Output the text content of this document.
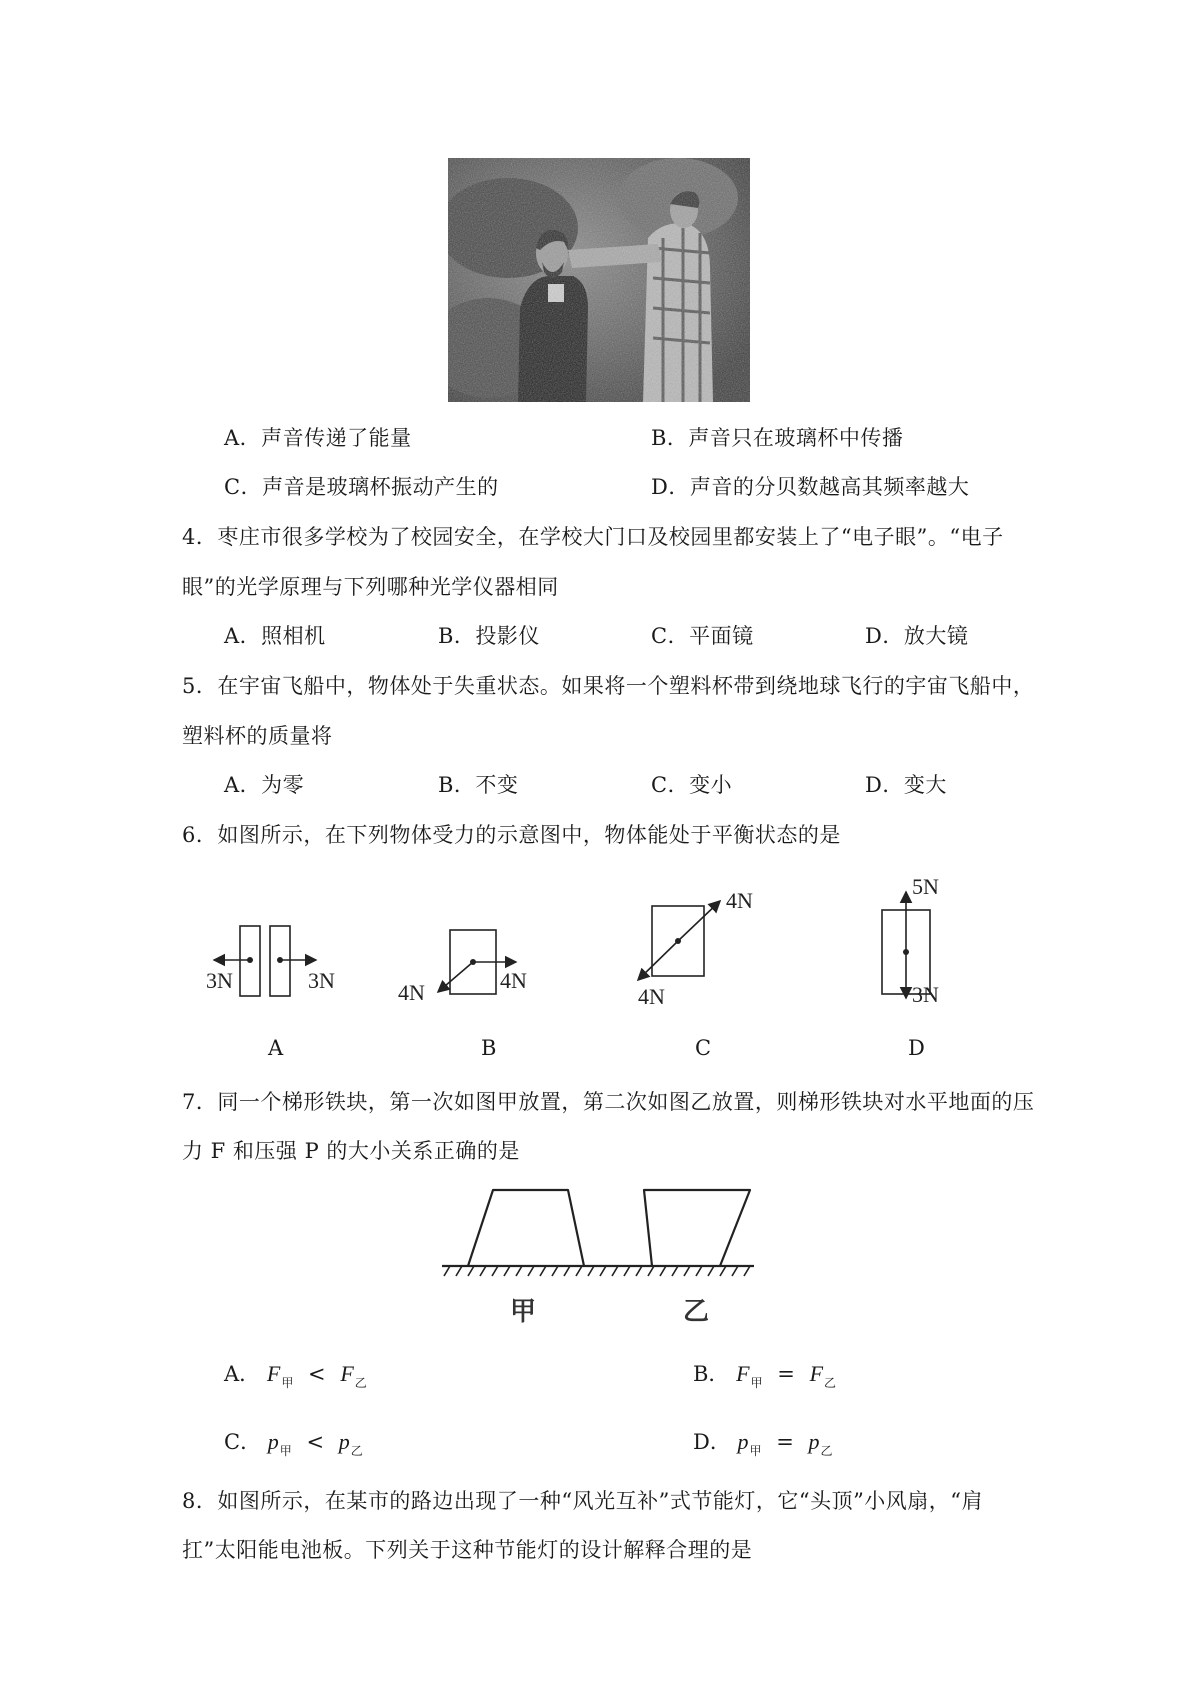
A．声音传递了能量	B．声音只在玻璃杯中传播
C．声音是玻璃杯振动产生的	D．声音的分贝数越高其频率越大
4．枣庄市很多学校为了校园安全，在学校大门口及校园里都安装上了“电子眼”。“电子
眼”的光学原理与下列哪种光学仪器相同
A．照相机	B．投影仪	C．平面镜	D．放大镜
5．在宇宙飞船中，物体处于失重状态。如果将一个塑料杯带到绕地球飞行的宇宙飞船中，
塑料杯的质量将
A．为零	B．不变	C．变小	D．变大
6．如图所示，在下列物体受力的示意图中，物体能处于平衡状态的是
3N	3N	4N	4N
4N
4N
5N
3N
A	B	C	D
7．同一个梯形铁块，第一次如图甲放置，第二次如图乙放置，则梯形铁块对水平地面的压
力 F 和压强 P 的大小关系正确的是
甲	乙
A． $F_甲 < F_乙$	B． $F_甲 = F_乙$
C． $p_甲 < p_乙$	D． $p_甲 = p_乙$
8．如图所示，在某市的路边出现了一种“风光互补”式节能灯，它“头顶”小风扇，“肩
扛”太阳能电池板。下列关于这种节能灯的设计解释合理的是
